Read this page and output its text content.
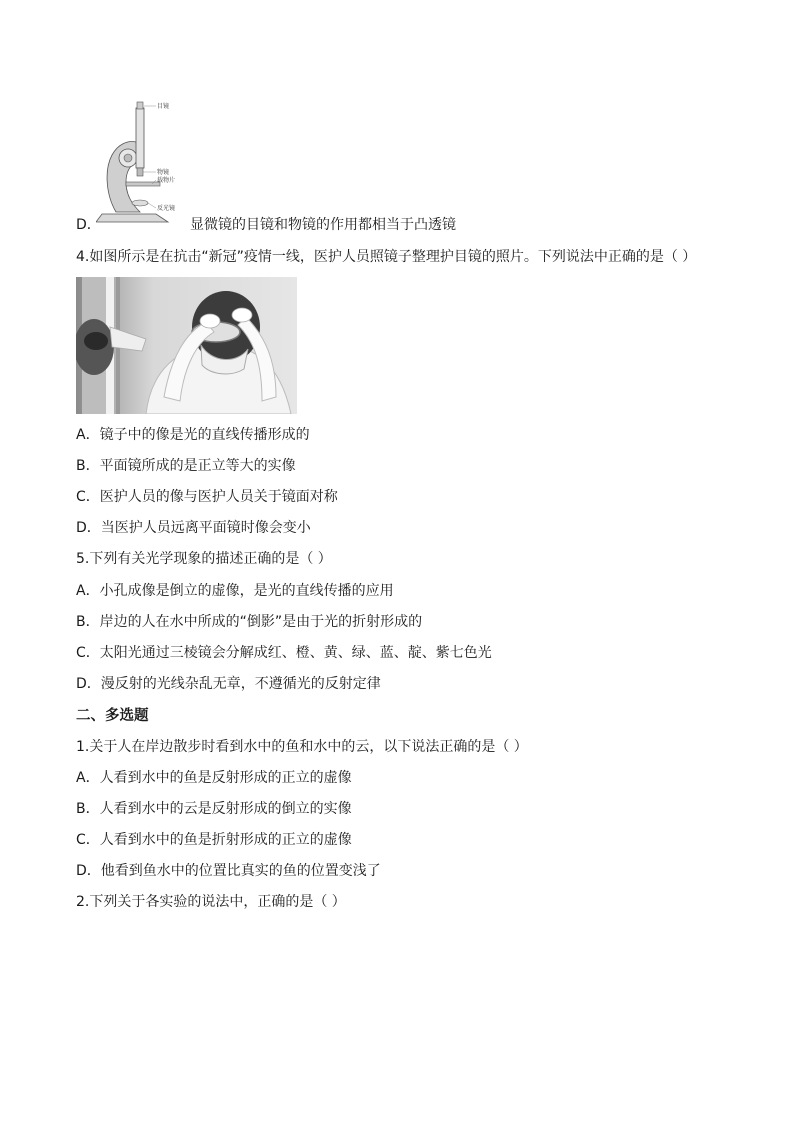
目镜
物镜
载物片
反光镜
D．	显微镜的目镜和物镜的作用都相当于凸透镜
4.如图所示是在抗击“新冠”疫情一线，医护人员照镜子整理护目镜的照片。下列说法中正确的是（ ）
A．镜子中的像是光的直线传播形成的
B．平面镜所成的是正立等大的实像
C．医护人员的像与医护人员关于镜面对称
D．当医护人员远离平面镜时像会变小
5.下列有关光学现象的描述正确的是（ ）
A．小孔成像是倒立的虚像，是光的直线传播的应用
B．岸边的人在水中所成的“倒影”是由于光的折射形成的
C．太阳光通过三棱镜会分解成红、橙、黄、绿、蓝、靛、紫七色光
D．漫反射的光线杂乱无章，不遵循光的反射定律
二、多选题
1.关于人在岸边散步时看到水中的鱼和水中的云，以下说法正确的是（ ）
A．人看到水中的鱼是反射形成的正立的虚像
B．人看到水中的云是反射形成的倒立的实像
C．人看到水中的鱼是折射形成的正立的虚像
D．他看到鱼水中的位置比真实的鱼的位置变浅了
2.下列关于各实验的说法中，正确的是（ ）
